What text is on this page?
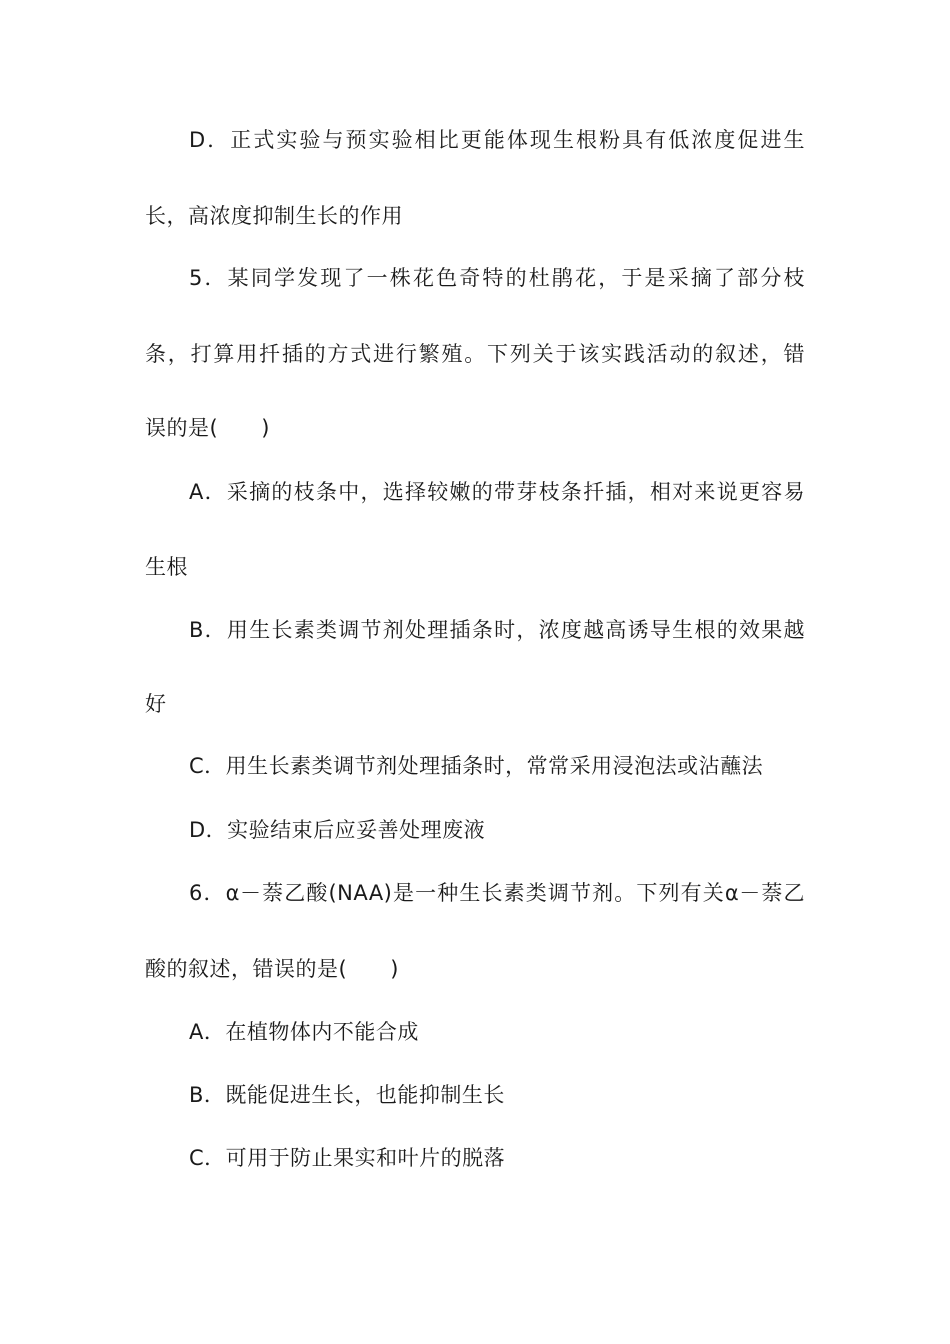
D．正式实验与预实验相比更能体现生根粉具有低浓度促进生
长，高浓度抑制生长的作用
5．某同学发现了一株花色奇特的杜鹃花，于是采摘了部分枝
条，打算用扦插的方式进行繁殖。下列关于该实践活动的叙述，错
误的是(　　)
A．采摘的枝条中，选择较嫩的带芽枝条扦插，相对来说更容易
生根
B．用生长素类调节剂处理插条时，浓度越高诱导生根的效果越
好
C．用生长素类调节剂处理插条时，常常采用浸泡法或沾蘸法
D．实验结束后应妥善处理废液
6．α－萘乙酸(NAA)是一种生长素类调节剂。下列有关α－萘乙
酸的叙述，错误的是(　　)
A．在植物体内不能合成
B．既能促进生长，也能抑制生长
C．可用于防止果实和叶片的脱落
